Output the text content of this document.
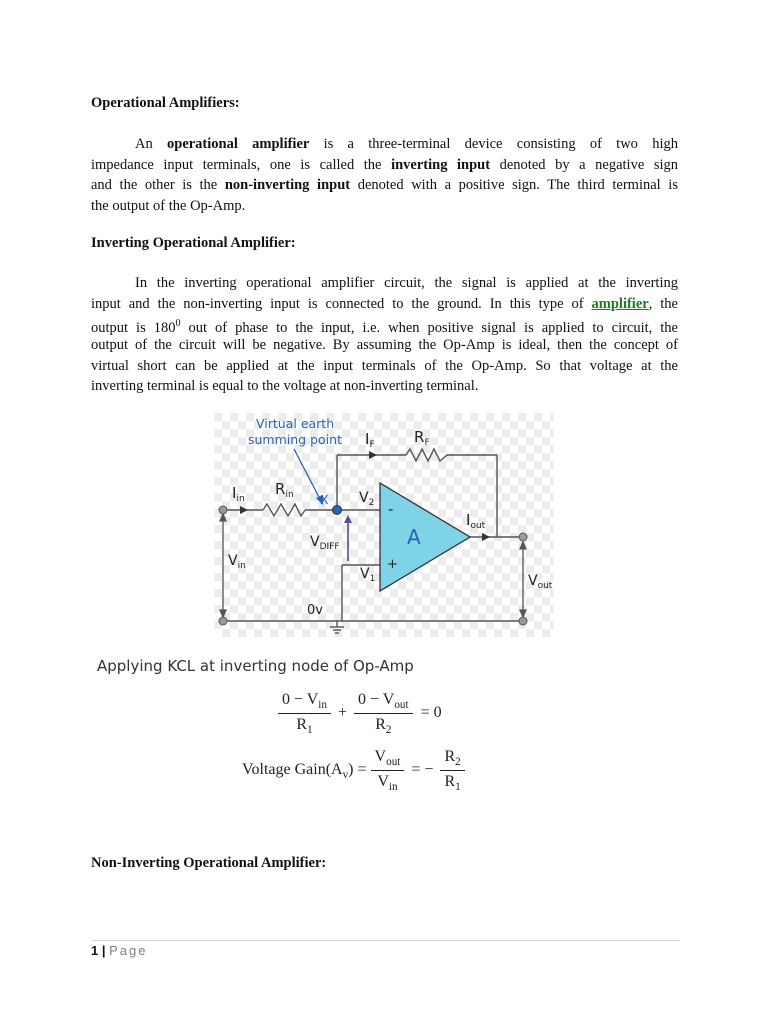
Operational Amplifiers:
An operational amplifier is a three-terminal device consisting of two high
impedance input terminals, one is called the inverting input denoted by a negative sign
and the other is the non-inverting input denoted with a positive sign. The third terminal is
the output of the Op-Amp.
Inverting Operational Amplifier:
In the inverting operational amplifier circuit, the signal is applied at the inverting
input and the non-inverting input is connected to the ground. In this type of amplifier, the
output is $180^0$ out of phase to the input, i.e. when positive signal is applied to circuit, the
output of the circuit will be negative. By assuming the Op-Amp is ideal, then the concept of
virtual short can be applied at the input terminals of the Op-Amp. So that voltage at the
inverting terminal is equal to the voltage at non-inverting terminal.
Virtual earth
summing point
X
$I_F$	$R_F$
$I_{in}$
$R_{in}$	$V_2$ -
+
$I_{out}$
$V_{DIFF}$
$V_{in}$	$V_1$	$V_{out}$
0v
A
Applying KCL at inverting node of Op-Amp
$\frac{0 - V_{in}}{R_1} + \frac{0 - V_{out}}{R_2} = 0$
Voltage $Gain(A_v) = \frac{V_{out}}{V_{in}}$ = − $\frac{R_2}{R_1}$
Non-Inverting Operational Amplifier:
1 | Page
